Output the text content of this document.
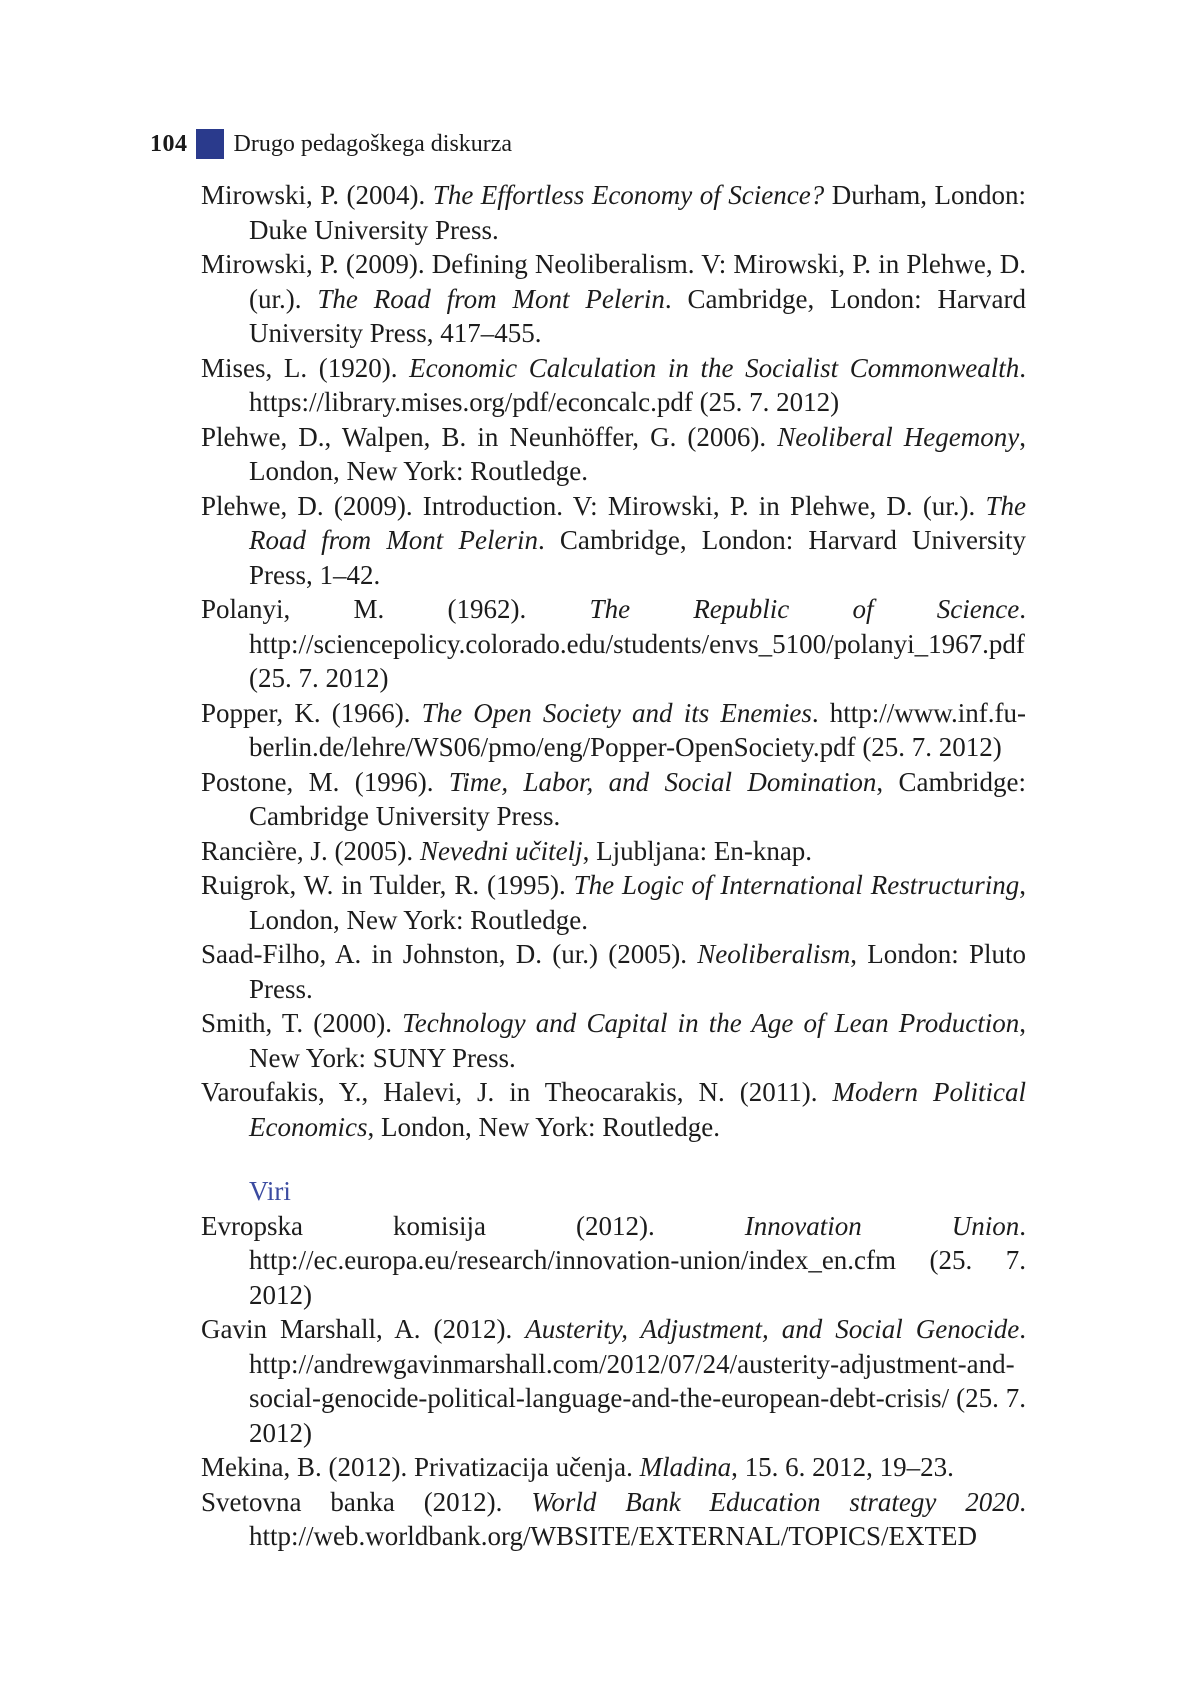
104 Drugo pedagoškega diskurza

Mirowski, P. (2004). The Effortless Economy of Science? Durham, London: Duke University Press.

Mirowski, P. (2009). Defining Neoliberalism. V: Mirowski, P. in Plehwe, D. (ur.). The Road from Mont Pelerin. Cambridge, London: Harvard University Press, 417–455.

Mises, L. (1920). Economic Calculation in the Socialist Commonwealth. https://library.mises.org/pdf/econcalc.pdf (25. 7. 2012)

Plehwe, D., Walpen, B. in Neunhöffer, G. (2006). Neoliberal Hegemony, London, New York: Routledge.

Plehwe, D. (2009). Introduction. V: Mirowski, P. in Plehwe, D. (ur.). The Road from Mont Pelerin. Cambridge, London: Harvard University Press, 1–42.

Polanyi, M. (1962). The Republic of Science. http://sciencepolicy.colorado.edu/students/envs_5100/polanyi_1967.pdf (25. 7. 2012)

Popper, K. (1966). The Open Society and its Enemies. http://www.inf.fu-berlin.de/lehre/WS06/pmo/eng/Popper-OpenSociety.pdf (25. 7. 2012)

Postone, M. (1996). Time, Labor, and Social Domination, Cambridge: Cambridge University Press.

Rancière, J. (2005). Nevedni učitelj, Ljubljana: En-knap.

Ruigrok, W. in Tulder, R. (1995). The Logic of International Restructuring, London, New York: Routledge.

Saad-Filho, A. in Johnston, D. (ur.) (2005). Neoliberalism, London: Pluto Press.

Smith, T. (2000). Technology and Capital in the Age of Lean Production, New York: SUNY Press.

Varoufakis, Y., Halevi, J. in Theocarakis, N. (2011). Modern Political Economics, London, New York: Routledge.

Viri

Evropska komisija (2012). Innovation Union. http://ec.europa.eu/research/innovation-union/index_en.cfm (25. 7. 2012)

Gavin Marshall, A. (2012). Austerity, Adjustment, and Social Genocide. http://andrewgavinmarshall.com/2012/07/24/austerity-adjustment-and-social-genocide-political-language-and-the-european-debt-crisis/ (25. 7. 2012)

Mekina, B. (2012). Privatizacija učenja. Mladina, 15. 6. 2012, 19–23.

Svetovna banka (2012). World Bank Education strategy 2020. http://web.worldbank.org/WBSITE/EXTERNAL/TOPICS/EXTED
